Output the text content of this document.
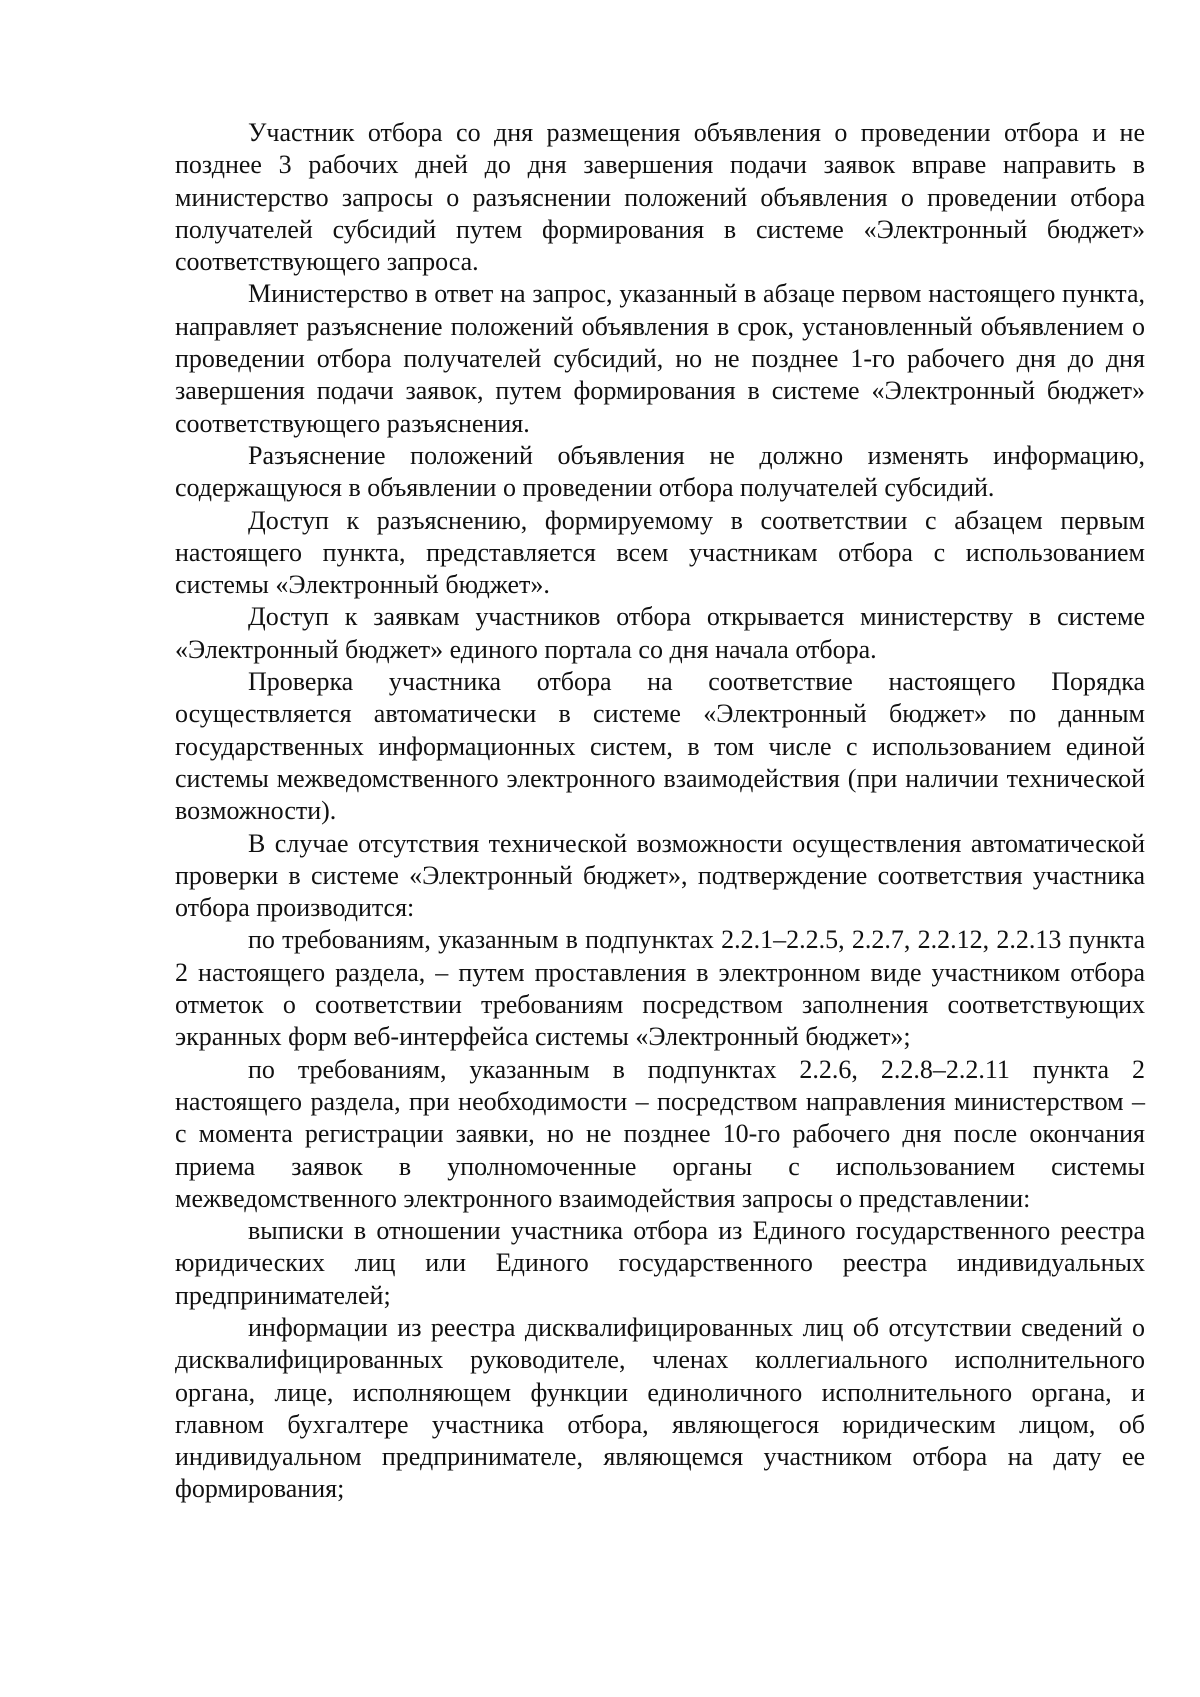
Участник отбора со дня размещения объявления о проведении отбора и не позднее 3 рабочих дней до дня завершения подачи заявок вправе направить в министерство запросы о разъяснении положений объявления о проведении отбора получателей субсидий путем формирования в системе «Электронный бюджет» соответствующего запроса.

Министерство в ответ на запрос, указанный в абзаце первом настоящего пункта, направляет разъяснение положений объявления в срок, установленный объявлением о проведении отбора получателей субсидий, но не позднее 1-го рабочего дня до дня завершения подачи заявок, путем формирования в системе «Электронный бюджет» соответствующего разъяснения.

Разъяснение положений объявления не должно изменять информацию, содержащуюся в объявлении о проведении отбора получателей субсидий.

Доступ к разъяснению, формируемому в соответствии с абзацем первым настоящего пункта, представляется всем участникам отбора с использованием системы «Электронный бюджет».

Доступ к заявкам участников отбора открывается министерству в системе «Электронный бюджет» единого портала со дня начала отбора.

Проверка участника отбора на соответствие настоящего Порядка осуществляется автоматически в системе «Электронный бюджет» по данным государственных информационных систем, в том числе с использованием единой системы межведомственного электронного взаимодействия (при наличии технической возможности).

В случае отсутствия технической возможности осуществления автоматической проверки в системе «Электронный бюджет», подтверждение соответствия участника отбора производится:

по требованиям, указанным в подпунктах 2.2.1–2.2.5, 2.2.7, 2.2.12, 2.2.13 пункта 2 настоящего раздела, – путем проставления в электронном виде участником отбора отметок о соответствии требованиям посредством заполнения соответствующих экранных форм веб-интерфейса системы «Электронный бюджет»;

по требованиям, указанным в подпунктах 2.2.6, 2.2.8–2.2.11 пункта 2 настоящего раздела, при необходимости – посредством направления министерством – с момента регистрации заявки, но не позднее 10-го рабочего дня после окончания приема заявок в уполномоченные органы с использованием системы межведомственного электронного взаимодействия запросы о представлении:

выписки в отношении участника отбора из Единого государственного реестра юридических лиц или Единого государственного реестра индивидуальных предпринимателей;

информации из реестра дисквалифицированных лиц об отсутствии сведений о дисквалифицированных руководителе, членах коллегиального исполнительного органа, лице, исполняющем функции единоличного исполнительного органа, и главном бухгалтере участника отбора, являющегося юридическим лицом, об индивидуальном предпринимателе, являющемся участником отбора на дату ее формирования;
